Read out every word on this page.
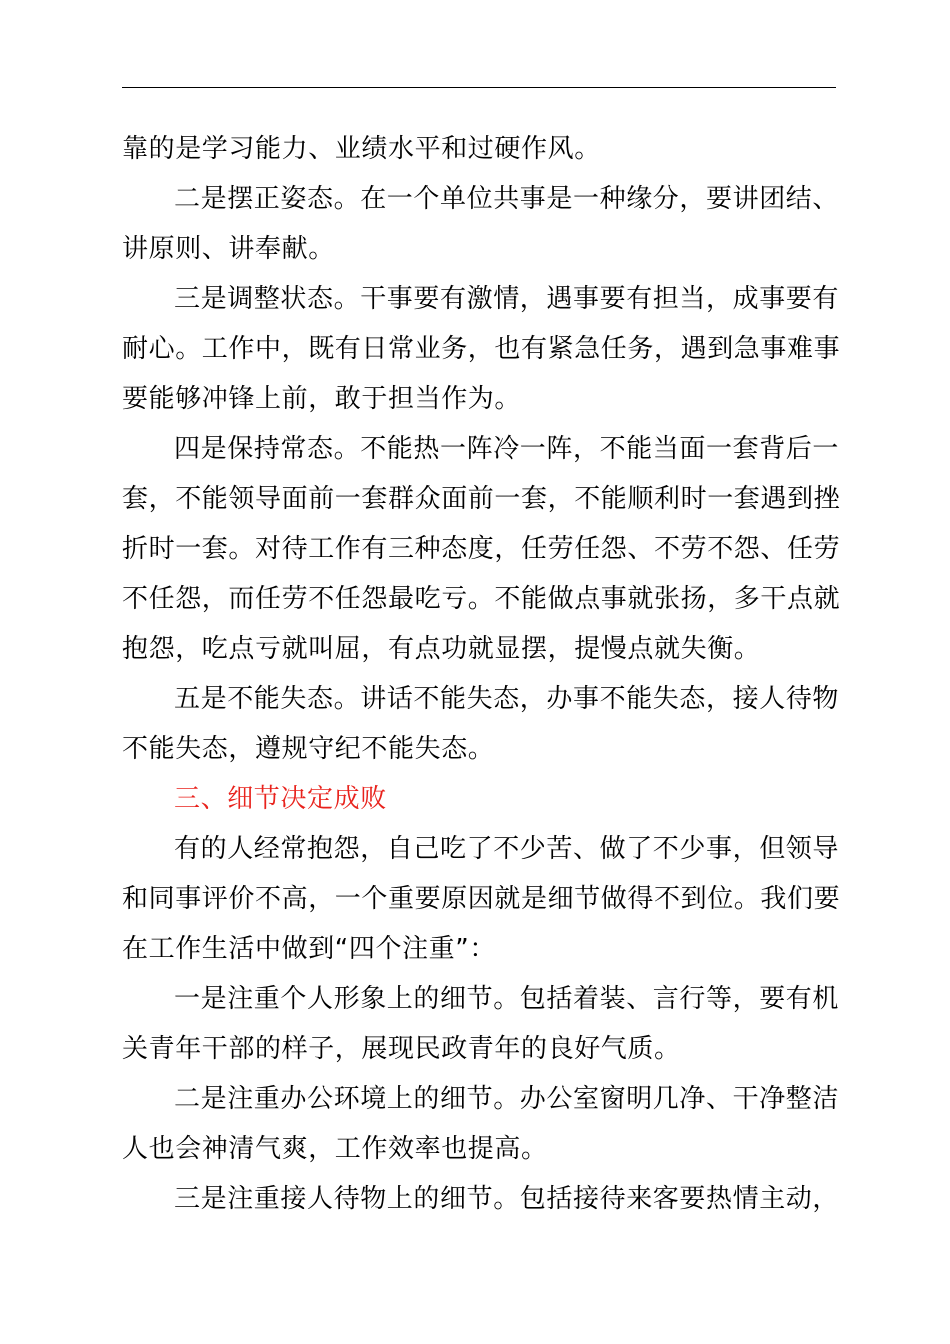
靠的是学习能力、业绩水平和过硬作风。

二是摆正姿态。在一个单位共事是一种缘分，要讲团结、

讲原则、讲奉献。

三是调整状态。干事要有激情，遇事要有担当，成事要有

耐心。工作中，既有日常业务，也有紧急任务，遇到急事难事

要能够冲锋上前，敢于担当作为。

四是保持常态。不能热一阵冷一阵，不能当面一套背后一

套，不能领导面前一套群众面前一套，不能顺利时一套遇到挫

折时一套。对待工作有三种态度，任劳任怨、不劳不怨、任劳

不任怨，而任劳不任怨最吃亏。不能做点事就张扬，多干点就

抱怨，吃点亏就叫屈，有点功就显摆，提慢点就失衡。

五是不能失态。讲话不能失态，办事不能失态，接人待物

不能失态，遵规守纪不能失态。

三、细节决定成败

有的人经常抱怨，自己吃了不少苦、做了不少事，但领导

和同事评价不高，一个重要原因就是细节做得不到位。我们要

在工作生活中做到“四个注重”：

一是注重个人形象上的细节。包括着装、言行等，要有机

关青年干部的样子，展现民政青年的良好气质。

二是注重办公环境上的细节。办公室窗明几净、干净整洁

人也会神清气爽，工作效率也提高。

三是注重接人待物上的细节。包括接待来客要热情主动，
